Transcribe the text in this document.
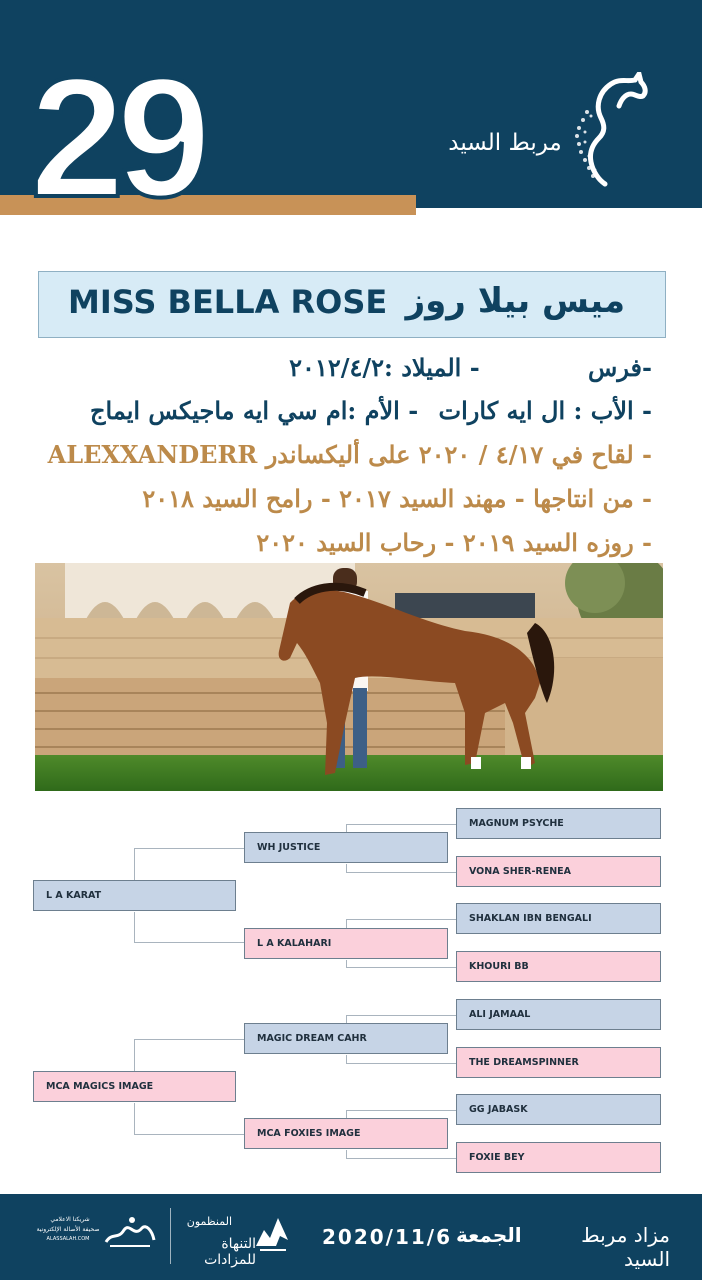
29	مربط السيد
MISS BELLA ROSE ميس بيلا روز
-فرس - الميلاد :٢٠١٢/٤/٢
- الأب : ال ايه كارات - الأم :ام سي ايه ماجيكس ايماج
- لقاح في ٤/١٧ / ٢٠٢٠ على أليكساندر ALEXXANDERR
- من انتاجها - مهند السيد ٢٠١٧ - رامح السيد ٢٠١٨
- روزه السيد ٢٠١٩ - رحاب السيد ٢٠٢٠
L A KARAT
MCA MAGICS IMAGE
WH JUSTICE
L A KALAHARI
MAGIC DREAM CAHR
MCA FOXIES IMAGE
MAGNUM PSYCHE
VONA SHER-RENEA
SHAKLAN IBN BENGALI
KHOURI BB
ALI JAMAAL
THE DREAMSPINNER
GG JABASK
FOXIE BEY
مزاد مربط السيد
الجمعة
2020/11/6
المنظمون
التنهاة للمزادات
شريكنا الاعلامي
صحيفة الأصالة الإلكترونية
ALASSALAH.COM
